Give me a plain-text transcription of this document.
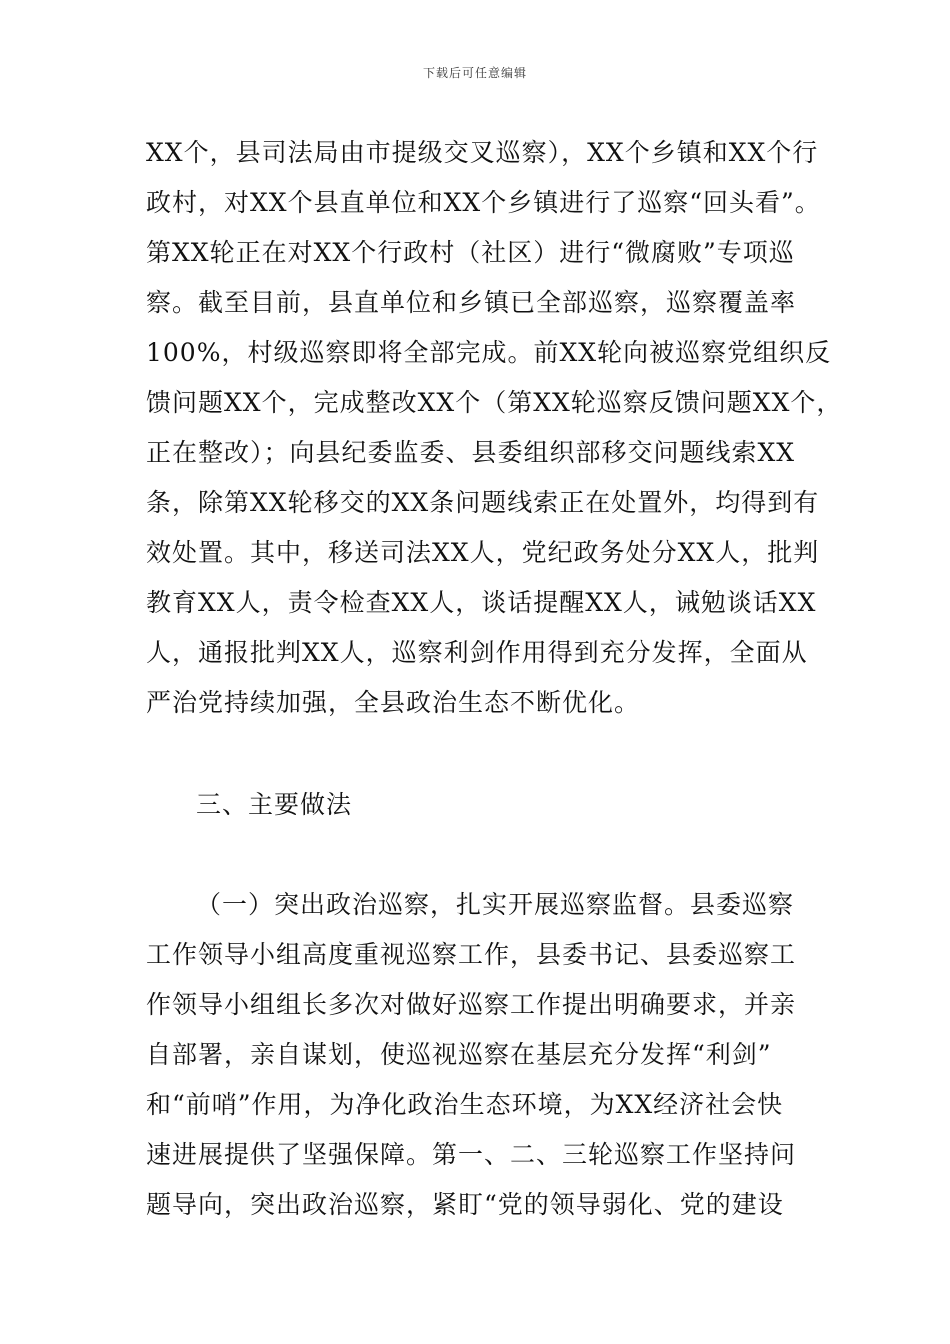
下载后可任意编辑
XX个，县司法局由市提级交叉巡察），XX个乡镇和XX个行
政村，对XX个县直单位和XX个乡镇进行了巡察“回头看”。
第XX轮正在对XX个行政村（社区）进行“微腐败”专项巡
察。截至目前，县直单位和乡镇已全部巡察，巡察覆盖率
100%，村级巡察即将全部完成。前XX轮向被巡察党组织反
馈问题XX个，完成整改XX个（第XX轮巡察反馈问题XX个，
正在整改）；向县纪委监委、县委组织部移交问题线索XX
条，除第XX轮移交的XX条问题线索正在处置外，均得到有
效处置。其中，移送司法XX人，党纪政务处分XX人，批判
教育XX人，责令检查XX人，谈话提醒XX人，诫勉谈话XX
人，通报批判XX人，巡察利剑作用得到充分发挥，全面从
严治党持续加强，全县政治生态不断优化。
三、主要做法
（一）突出政治巡察，扎实开展巡察监督。县委巡察
工作领导小组高度重视巡察工作，县委书记、县委巡察工
作领导小组组长多次对做好巡察工作提出明确要求，并亲
自部署，亲自谋划，使巡视巡察在基层充分发挥“利剑”
和“前哨”作用，为净化政治生态环境，为XX经济社会快
速进展提供了坚强保障。第一、二、三轮巡察工作坚持问
题导向，突出政治巡察，紧盯“党的领导弱化、党的建设
